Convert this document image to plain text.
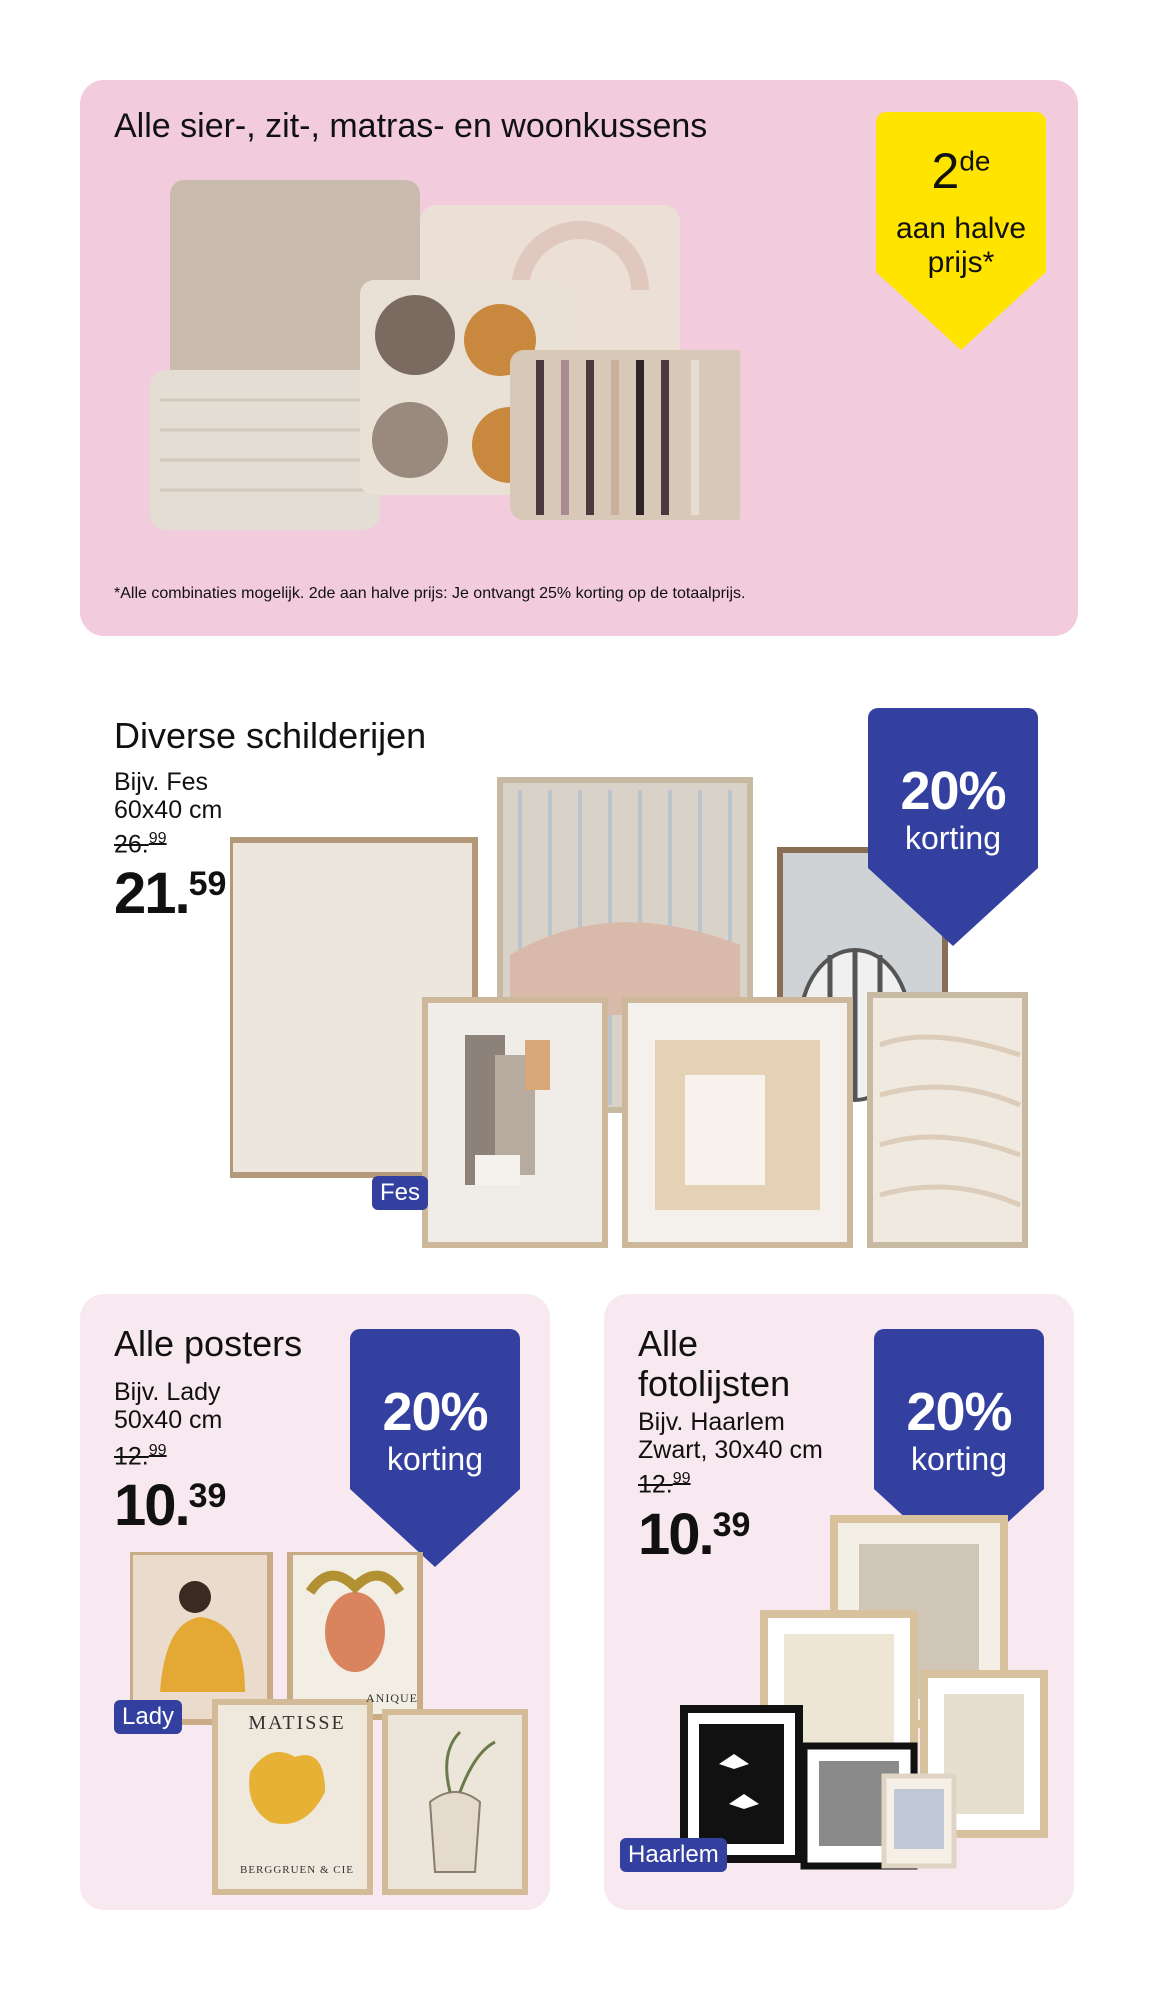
Alle sier-, zit-, matras- en woonkussens
2de
aan halve
prijs*
*Alle combinaties mogelijk. 2de aan halve prijs: Je ontvangt 25% korting op de totaalprijs.
Diverse schilderijen
Bijv. Fes
60x40 cm
26.99
21.59
Fes
20%
korting
Alle posters
Bijv. Lady
50x40 cm
12.99
10.39
20%
korting
MATISSE
BERGGRUEN & CIE
ANIQUE
Lady
Alle
fotolijsten
Bijv. Haarlem
Zwart, 30x40 cm
12.99
10.39
20%
korting
Haarlem
